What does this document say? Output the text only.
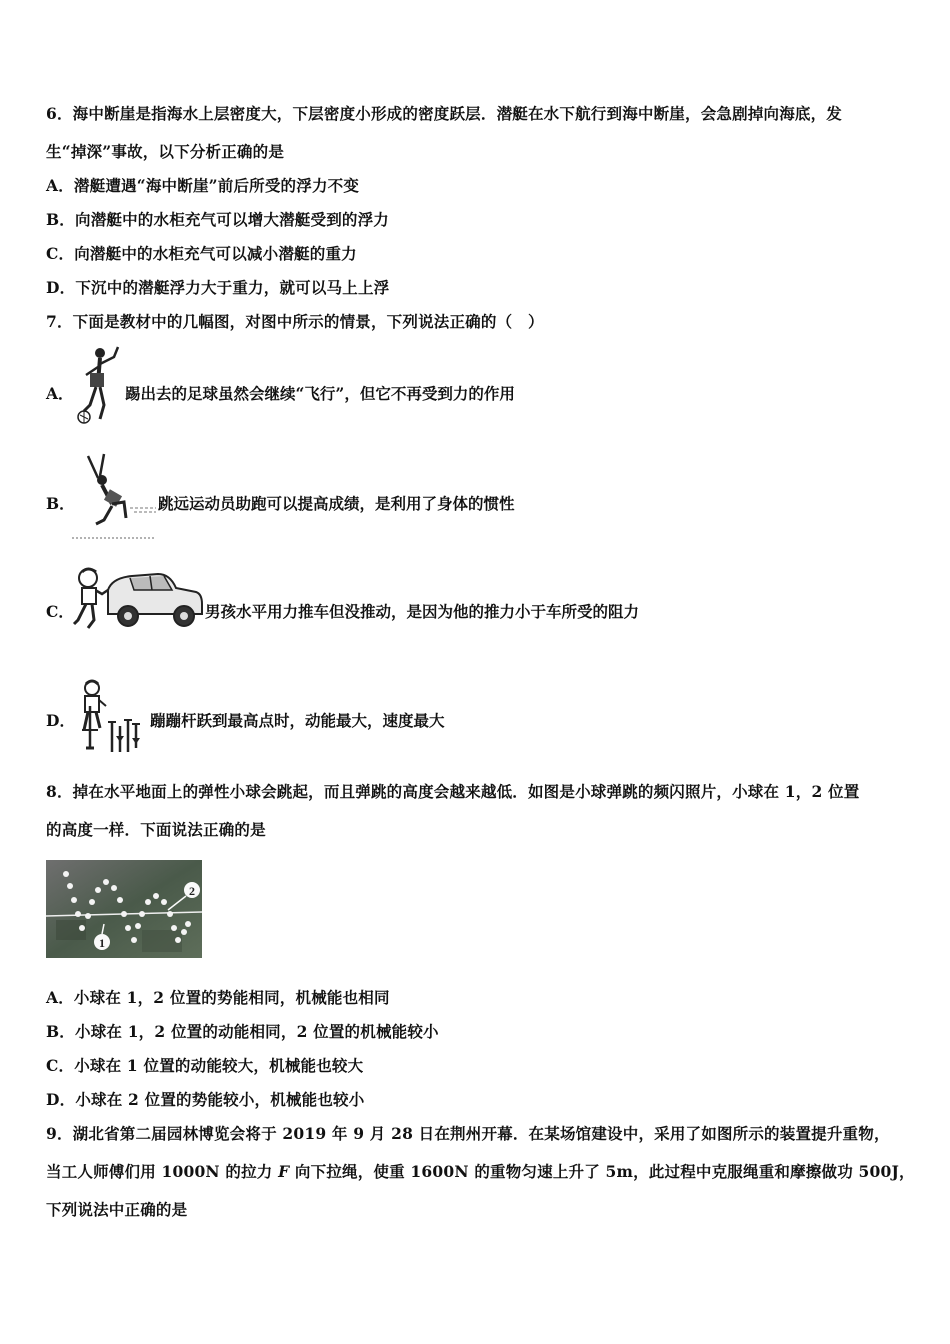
6．海中断崖是指海水上层密度大，下层密度小形成的密度跃层．潜艇在水下航行到海中断崖，会急剧掉向海底，发
生“掉深”事故，以下分析正确的是
A．潜艇遭遇“海中断崖”前后所受的浮力不变
B．向潜艇中的水柜充气可以增大潜艇受到的浮力
C．向潜艇中的水柜充气可以减小潜艇的重力
D．下沉中的潜艇浮力大于重力，就可以马上上浮
7．下面是教材中的几幅图，对图中所示的情景，下列说法正确的（　）
A．	踢出去的足球虽然会继续“飞行”，但它不再受到力的作用
B．	跳远运动员助跑可以提高成绩，是利用了身体的惯性
C．	男孩水平用力推车但没推动，是因为他的推力小于车所受的阻力
D．	蹦蹦杆跃到最高点时，动能最大，速度最大
8．掉在水平地面上的弹性小球会跳起，而且弹跳的高度会越来越低．如图是小球弹跳的频闪照片，小球在 1，2 位置
的高度一样．下面说法正确的是
1
2
A．小球在 1，2 位置的势能相同，机械能也相同
B．小球在 1，2 位置的动能相同，2 位置的机械能较小
C．小球在 1 位置的动能较大，机械能也较大
D．小球在 2 位置的势能较小，机械能也较小
9．湖北省第二届园林博览会将于 2019 年 9 月 28 日在荆州开幕．在某场馆建设中，采用了如图所示的装置提升重物，
当工人师傅们用 1000N 的拉力 F 向下拉绳，使重 1600N 的重物匀速上升了 5m，此过程中克服绳重和摩擦做功 500J，
下列说法中正确的是
